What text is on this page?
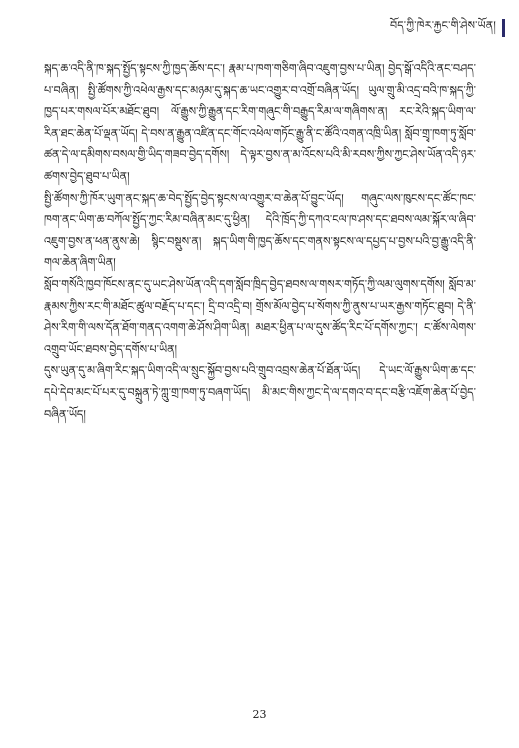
བོད་ཀྱི་ཁེར་རྐྱང་གི་ཤེས་ཡོན།

སྐད་ཆ་འདི་ནི་ཁ་སྐད་སྤྱོད་སྟངས་ཀྱི་ཁྱད་ཆོས་དང་། རྣམ་པ་ཁག་གཅིག་ཞིབ་འཇུག་བྱས་པ་ཡིན། བྱེད་སྒོ་འདིའི་ནང་བཤད་པ་བཞིན། སྤྱི་ཚོགས་ཀྱི་འཕེལ་རྒྱས་དང་མཉམ་དུ་སྐད་ཆ་ཡང་འགྱུར་བ་འགྲོ་བཞིན་ཡོད། ཡུལ་གྲུ་མི་འདྲ་བའི་ཁ་སྐད་ཀྱི་ཁྱད་པར་གསལ་པོར་མཐོང་ཐུབ། ལོ་རྒྱུས་ཀྱི་རྒྱུན་དང་རིག་གཞུང་གི་བརྒྱུད་རིམ་ལ་གཞིགས་ན། རང་རེའི་སྐད་ཡིག་ལ་རིན་ཐང་ཆེན་པོ་ལྡན་ཡོད། དེ་བས་ན་རྒྱུན་འཛིན་དང་གོང་འཕེལ་གཏོང་རྒྱུ་ནི་ང་ཚོའི་འགན་འཁྲི་ཡིན། སློབ་གྲྭ་ཁག་ཏུ་སློབ་ཚན་དེ་ལ་དམིགས་བསལ་གྱི་ཡིད་གཟབ་བྱེད་དགོས། དེ་ལྟར་བྱས་ན་མ་འོངས་པའི་མི་རབས་ཀྱིས་ཀྱང་ཤེས་ཡོན་འདི་ཉར་ཚགས་བྱེད་ཐུབ་པ་ཡིན།

སྤྱི་ཚོགས་ཀྱི་ཁོར་ཡུག་ནང་སྐད་ཆ་བེད་སྤྱོད་བྱེད་སྟངས་ལ་འགྱུར་བ་ཆེན་པོ་བྱུང་ཡོད། གཞུང་ལས་ཁུངས་དང་ཚོང་ཁང་ཁག་ནང་ཡིག་ཆ་བཀོལ་སྤྱོད་ཀྱང་རིམ་བཞིན་མང་དུ་ཕྱིན། དེའི་ཁྲོད་ཀྱི་དཀའ་ངལ་ཁ་ཤས་དང་ཐབས་ལམ་སྐོར་ལ་ཞིབ་འཇུག་བྱས་ན་ཕན་ནུས་ཆེ། སྙིང་བསྡུས་ན། སྐད་ཡིག་གི་ཁྱད་ཆོས་དང་གནས་སྟངས་ལ་དཔྱད་པ་བྱས་པའི་བྱ་རྒྱུ་འདི་ནི་གལ་ཆེན་ཞིག་ཡིན།

སློབ་གསོའི་ཁྱབ་ཁོངས་ནང་དུ་ཡང་ཤེས་ཡོན་འདི་དག་སློབ་ཁྲིད་བྱེད་ཐབས་ལ་གསར་གཏོད་ཀྱི་ལམ་ལུགས་དགོས། སློབ་མ་རྣམས་ཀྱིས་རང་གི་མཐོང་ཚུལ་བརྗོད་པ་དང་། དྲི་བ་འདྲི་བ། གྲོས་མོལ་བྱེད་པ་སོགས་ཀྱི་ནུས་པ་ཡར་རྒྱས་གཏོང་ཐུབ། དེ་ནི་ཤེས་རིག་གི་ལས་དོན་ཐོག་གནད་འགག་ཆེ་ཤོས་ཤིག་ཡིན། མཐར་ཕྱིན་པ་ལ་དུས་ཚོད་རིང་པོ་དགོས་ཀྱང་། ང་ཚོས་ལེགས་འགྲུབ་ཡོང་ཐབས་བྱེད་དགོས་པ་ཡིན།

དུས་ཡུན་དུ་མ་ཞིག་རིང་སྐད་ཡིག་འདི་ལ་སྲུང་སྐྱོབ་བྱས་པའི་གྲུབ་འབྲས་ཆེན་པོ་ཐོན་ཡོད། དེ་ཡང་ལོ་རྒྱུས་ཡིག་ཆ་དང་དཔེ་དེབ་མང་པོ་པར་དུ་བསྐྲུན་ཏེ་ཀླུ་གྲ་ཁག་ཏུ་བཞག་ཡོད། མི་མང་གིས་ཀྱང་དེ་ལ་དགའ་བ་དང་བརྩི་འཇོག་ཆེན་པོ་བྱེད་བཞིན་ཡོད།

23
